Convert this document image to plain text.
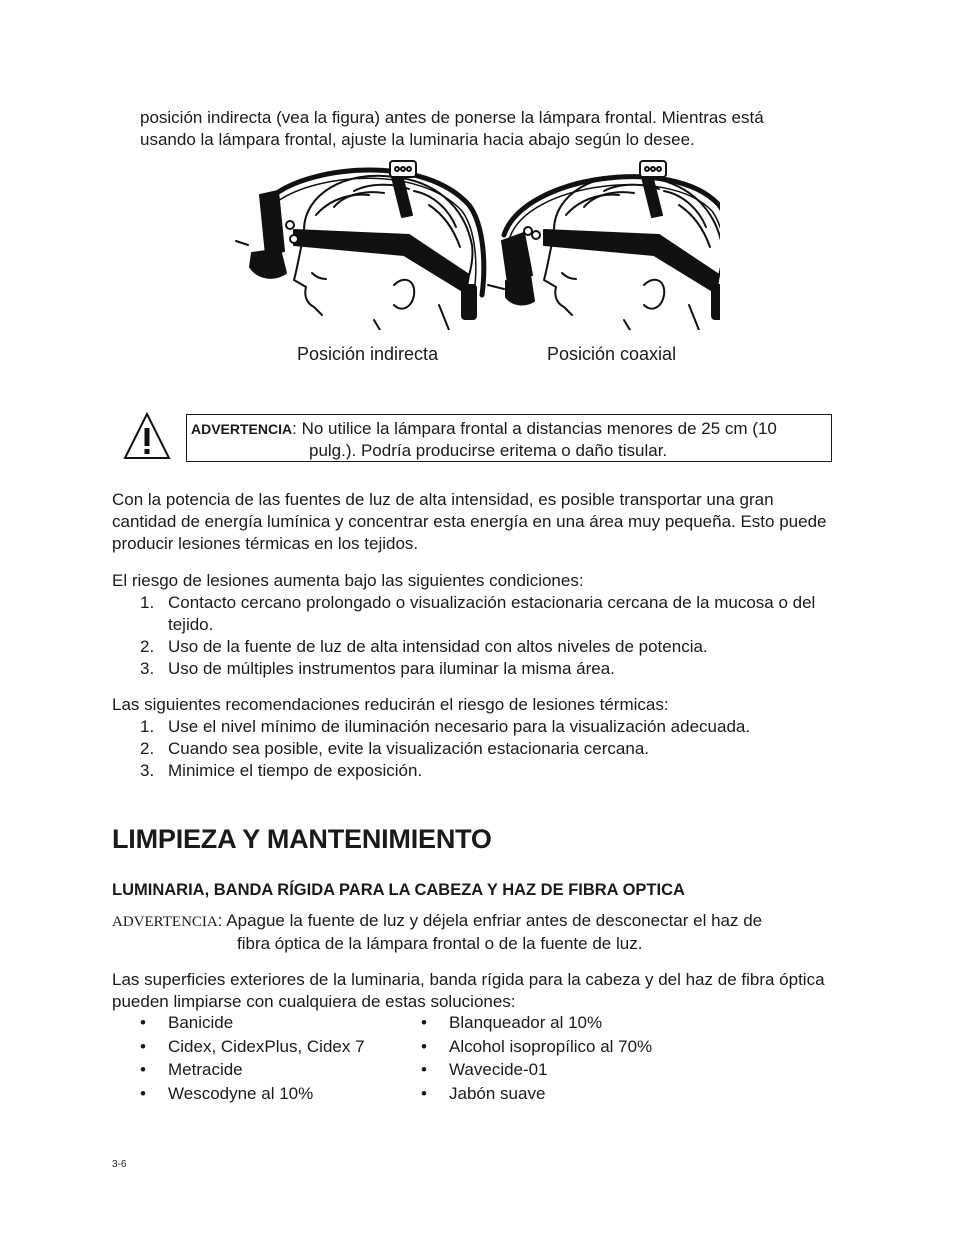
posición indirecta (vea la figura) antes de ponerse la lámpara frontal. Mientras está
usando la lámpara frontal, ajuste la luminaria hacia abajo según lo desee.
Posición indirecta	Posición coaxial
ADVERTENCIA: No utilice la lámpara frontal a distancias menores de 25 cm (10
pulg.). Podría producirse eritema o daño tisular.

Con la potencia de las fuentes de luz de alta intensidad, es posible transportar una gran cantidad de energía lumínica y concentrar esta energía en una área muy pequeña. Esto puede producir lesiones térmicas en los tejidos.

El riesgo de lesiones aumenta bajo las siguientes condiciones:

1. Contacto cercano prolongado o visualización estacionaria cercana de la mucosa o del tejido.
2. Uso de la fuente de luz de alta intensidad con altos niveles de potencia.
3. Uso de múltiples instrumentos para iluminar la misma área.

Las siguientes recomendaciones reducirán el riesgo de lesiones térmicas:

1. Use el nivel mínimo de iluminación necesario para la visualización adecuada.
2. Cuando sea posible, evite la visualización estacionaria cercana.
3. Minimice el tiempo de exposición.
LIMPIEZA Y MANTENIMIENTO
LUMINARIA, BANDA RÍGIDA PARA LA CABEZA Y HAZ DE FIBRA OPTICA
ADVERTENCIA: Apague la fuente de luz y déjela enfriar antes de desconectar el haz de
fibra óptica de la lámpara frontal o de la fuente de luz.

Las superficies exteriores de la luminaria, banda rígida para la cabeza y del haz de fibra óptica pueden limpiarse con cualquiera de estas soluciones:

• Banicide
• Cidex, CidexPlus, Cidex 7
• Metracide
• Wescodyne al 10%
• Blanqueador al 10%
• Alcohol isopropílico al 70%
• Wavecide-01
• Jabón suave
3-6
